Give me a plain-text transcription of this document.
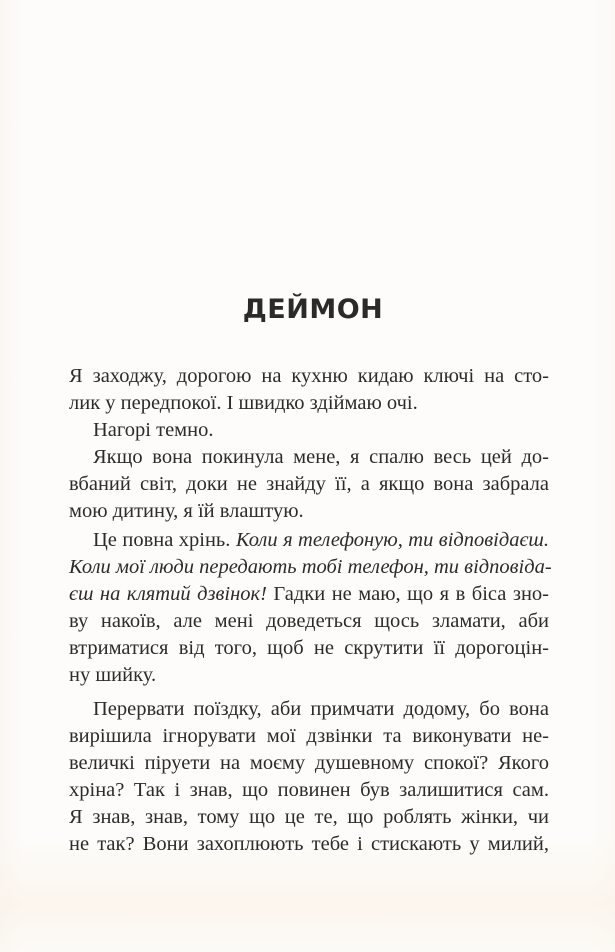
ДЕЙМОН
Я заходжу, дорогою на кухню кидаю ключі на сто-
лик у передпокої. І швидко здіймаю очі.
Нагорі темно.
Якщо вона покинула мене, я спалю весь цей до-
вбаний світ, доки не знайду її, а якщо вона забрала
мою дитину, я їй влаштую.
Це повна хрінь. Коли я телефоную, ти відповідаєш.
Коли мої люди передають тобі телефон, ти відповіда-
єш на клятий дзвінок! Гадки не маю, що я в біса зно-
ву накоїв, але мені доведеться щось зламати, аби
втриматися від того, щоб не скрутити її дорогоцін-
ну шийку.
Перервати поїздку, аби примчати додому, бо вона
вирішила ігнорувати мої дзвінки та виконувати не-
величкі піруети на моєму душевному спокої? Якого
хріна? Так і знав, що повинен був залишитися сам.
Я знав, знав, тому що це те, що роблять жінки, чи
не так? Вони захоплюють тебе і стискають у милий,
